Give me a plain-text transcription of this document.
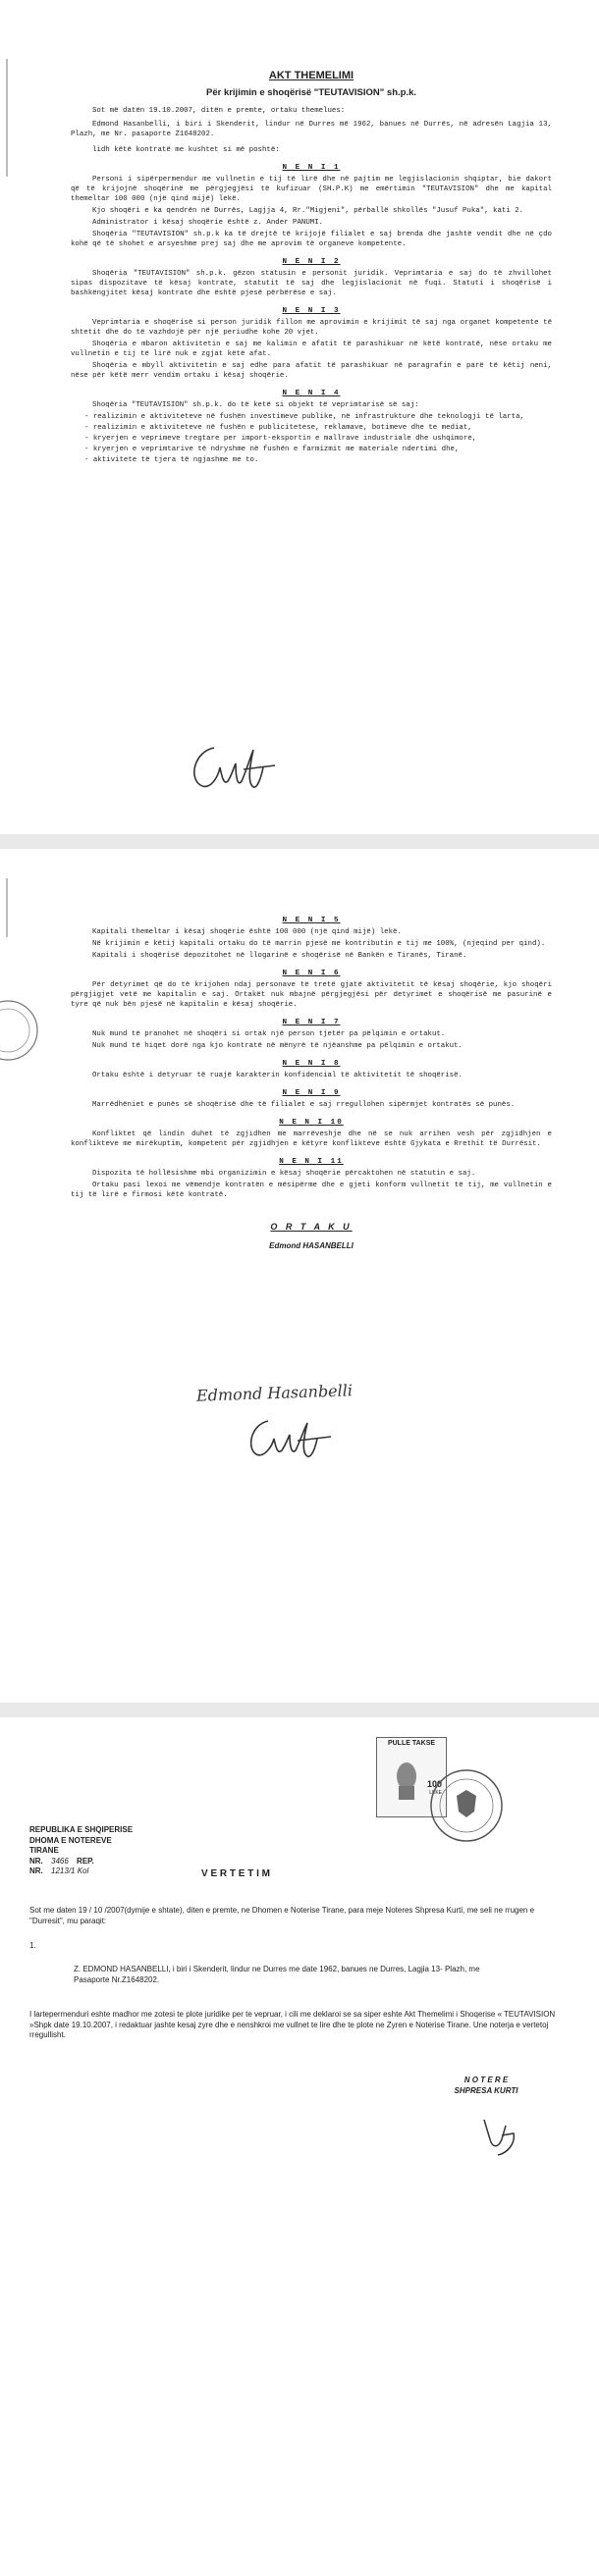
AKT THEMELIMI
Për krijimin e shoqërisë "TEUTAVISION" sh.p.k.

Sot më datën 19.10.2007, ditën e premte, ortaku themelues:

Edmond Hasanbelli, i biri i Skenderit, lindur në Durres më 1962, banues në Durrës, në adresën Lagjia 13, Plazh, me Nr. pasaporte Z1648202.

lidh këtë kontratë me kushtet si më poshtë:

N E N I 1

Personi i sipërpermendur me vullnetin e tij të lirë dhe në pajtim me legjislacionin shqiptar, bie dakort që të krijojnë shoqërinë me përgjegjësi të kufizuar (SH.P.K) me emërtimin "TEUTAVISION" dhe me kapital themeltar 100 000 (një qind mijë) lekë.

Kjo shoqëri e ka qendrën në Durrës, Lagjja 4, Rr."Migjeni", përballë shkollës "Jusuf Puka", kati 2.

Administrator i kësaj shoqërie është z. Ander PANUMI.

Shoqëria "TEUTAVISION" sh.p.k ka të drejtë të krijojë filialet e saj brenda dhe jashtë vendit dhe në çdo kohë që të shohet e arsyeshme prej saj dhe me aprovim të organeve kompetente.

N E N I 2

Shoqëria "TEUTAVISION" sh.p.k. gëzon statusin e personit juridik. Veprimtaria e saj do të zhvillohet sipas dispozitave të kësaj kontrate, statutit të saj dhe legjislacionit në fuqi. Statuti i shoqërisë i bashkëngjitet kësaj kontrate dhe është pjesë përbërëse e saj.

N E N I 3

Veprimtaria e shoqërisë si person juridik fillon me aprovimin e krijimit të saj nga organet kompetente të shtetit dhe do të vazhdojë për një periudhe kohe 20 vjet.

Shoqëria e mbaron aktivitetin e saj me kalimin e afatit të parashikuar në këtë kontratë, nëse ortaku me vullnetin e tij të lirë nuk e zgjat këtë afat.

Shoqëria e mbyll aktivitetin e saj edhe para afatit të parashikuar në paragrafin e parë të këtij neni, nëse për këtë merr vendim ortaku i kësaj shoqërie.

N E N I 4

Shoqëria "TEUTAVISION" sh.p.k. do të ketë si objekt të veprimtarisë së saj:

- realizimin e aktiviteteve në fushën investimeve publike, në infrastrukture dhe teknologji të larta,

- realizimin e aktiviteteve në fushën e publicitetese, reklamave, botimeve dhe te mediat,

- kryerjen e veprimeve tregtare per import-eksportin e mallrave industriale dhe ushqimore,

- kryerjen e veprimtarive të ndryshme në fushën e farmizmit me materiale ndertimi dhe,

- aktivitete të tjera të ngjashme me to.

N E N I 5

Kapitali themeltar i kësaj shoqërie është 100 000 (një qind mijë) lekë.

Në krijimin e këtij kapitali ortaku do të marrin pjesë me kontributin e tij me 100%, (njeqind per qind).

Kapitali i shoqërisë depozitohet në llogarinë e shoqërisë në Bankën e Tiranës, Tiranë.

N E N I 6

Për detyrimet që do të krijohen ndaj personave të tretë gjatë aktivitetit të kësaj shoqërie, kjo shoqëri përgjigjet vetë me kapitalin e saj. Ortakët nuk mbajnë përgjegjësi për detyrimet e shoqërisë me pasurinë e tyre që nuk bën pjesë në kapitalin e kësaj shoqërie.

N E N I 7

Nuk mund të pranohet në shoqëri si ortak një person tjetër pa pëlqimin e ortakut.

Nuk mund të hiqet dorë nga kjo kontratë në mënyrë të njëanshme pa pëlqimin e ortakut.

N E N I 8

Ortaku është i detyruar të ruajë karakterin konfidencial të aktivitetit të shoqërisë.

N E N I 9

Marrëdhëniet e punës së shoqërisë dhe të filialet e saj rregullohen sipërmjet kontratës së punës.

N E N I 10

Konfliktet që lindin duhet të zgjidhen me marrëveshje dhe në se nuk arrihen vesh për zgjidhjen e konflikteve me mirëkuptim, kompetent për zgjidhjen e këtyre konflikteve është Gjykata e Rrethit të Durrësit.

N E N I 11

Dispozita të hollësishme mbi organizimin e kësaj shoqërie përcaktohen në statutin e saj.

Ortaku pasi lexoi me vëmendje kontratën e mësipërme dhe e gjeti konform vullnetit të tij, me vullnetin e tij të lirë e firmosi këtë kontratë.

O R T A K U
Edmond HASANBELLI
Edmond Hasanbelli
PULLE TAKSE
100
LEKE
REPUBLIKA E SHQIPERISE
DHOMA E NOTEREVE
TIRANE
NR. 3466 REP.
NR. 1213/1 Kol	V E R T E T I M
Sot me daten 19 / 10 /2007(dymije e shtate), diten e premte, ne Dhomen e Noterise Tirane, para meje Noteres Shpresa Kurti, me seli ne rrugen e "Durresit", mu paraqit:
1.
Z. EDMOND HASANBELLI, i biri i Skenderit, lindur ne Durres me date 1962, banues ne Durres, Lagjia 13- Plazh, me Pasaporte Nr.Z1648202.
I lartepermenduri eshte madhor me zotesi te plote juridike per te vepruar, i cili me deklaroi se sa siper eshte Akt Themelimi i Shoqerise « TEUTAVISION »Shpk date 19.10.2007, i redaktuar jashte kesaj zyre dhe e nenshkroi me vullnet te lire dhe te plote ne Zyren e Noterise Tirane. Une noterja e vertetoj rregullisht.
N O T E R E
SHPRESA KURTI
